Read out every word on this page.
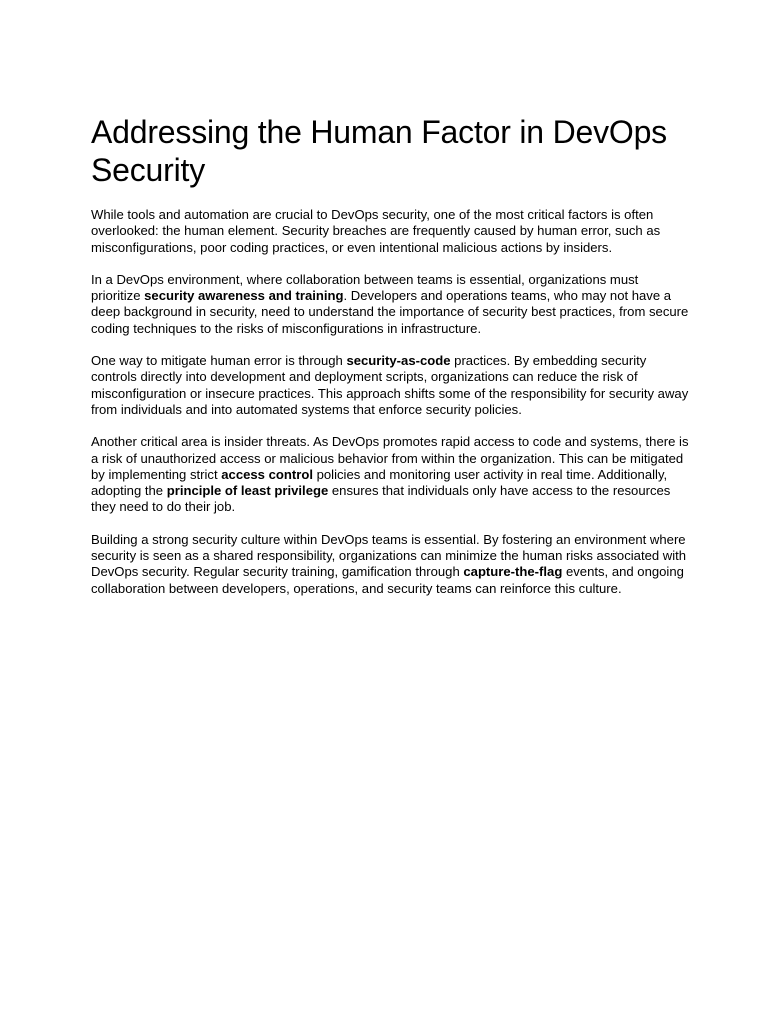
Addressing the Human Factor in DevOps Security

While tools and automation are crucial to DevOps security, one of the most critical factors is often overlooked: the human element. Security breaches are frequently caused by human error, such as misconfigurations, poor coding practices, or even intentional malicious actions by insiders.

In a DevOps environment, where collaboration between teams is essential, organizations must prioritize security awareness and training. Developers and operations teams, who may not have a deep background in security, need to understand the importance of security best practices, from secure coding techniques to the risks of misconfigurations in infrastructure.

One way to mitigate human error is through security-as-code practices. By embedding security controls directly into development and deployment scripts, organizations can reduce the risk of misconfiguration or insecure practices. This approach shifts some of the responsibility for security away from individuals and into automated systems that enforce security policies.

Another critical area is insider threats. As DevOps promotes rapid access to code and systems, there is a risk of unauthorized access or malicious behavior from within the organization. This can be mitigated by implementing strict access control policies and monitoring user activity in real time. Additionally, adopting the principle of least privilege ensures that individuals only have access to the resources they need to do their job.

Building a strong security culture within DevOps teams is essential. By fostering an environment where security is seen as a shared responsibility, organizations can minimize the human risks associated with DevOps security. Regular security training, gamification through capture-the-flag events, and ongoing collaboration between developers, operations, and security teams can reinforce this culture.
